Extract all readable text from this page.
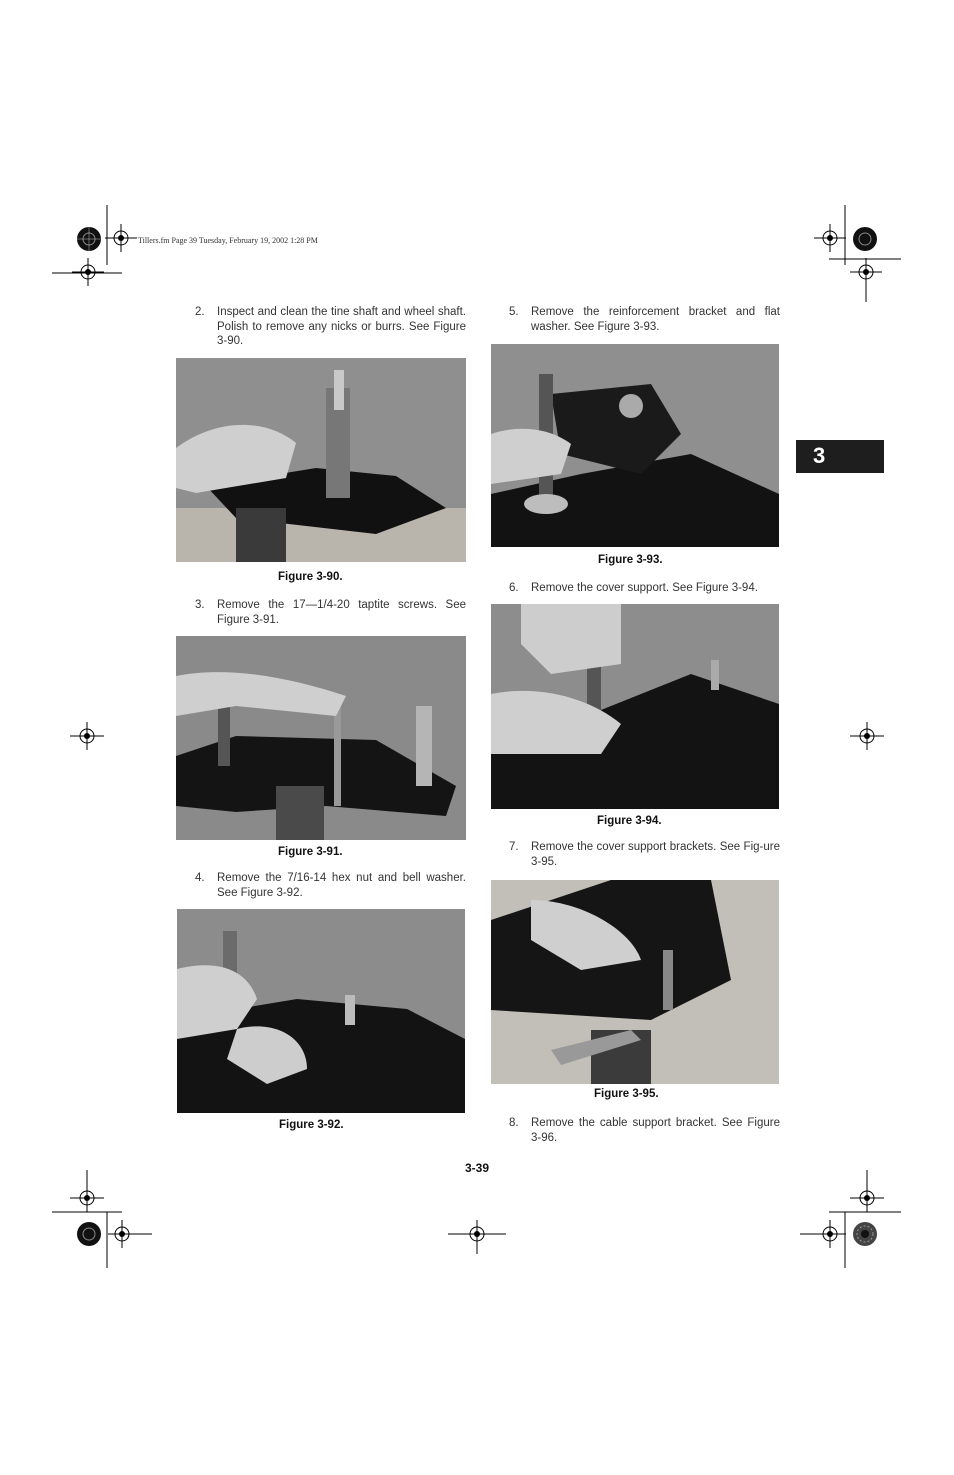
Tillers.fm Page 39 Tuesday, February 19, 2002 1:28 PM
3
2. Inspect and clean the tine shaft and wheel shaft. Polish to remove any nicks or burrs. See Figure 3-90.
Figure 3-90.
3. Remove the 17—1/4-20 taptite screws. See Figure 3-91.
Figure 3-91.
4. Remove the 7/16-14 hex nut and bell washer. See Figure 3-92.
Figure 3-92.
5. Remove the reinforcement bracket and flat washer. See Figure 3-93.
Figure 3-93.
6. Remove the cover support. See Figure 3-94.
Figure 3-94.
7. Remove the cover support brackets. See Fig-ure 3-95.
Figure 3-95.
8. Remove the cable support bracket. See Figure 3-96.
3-39
